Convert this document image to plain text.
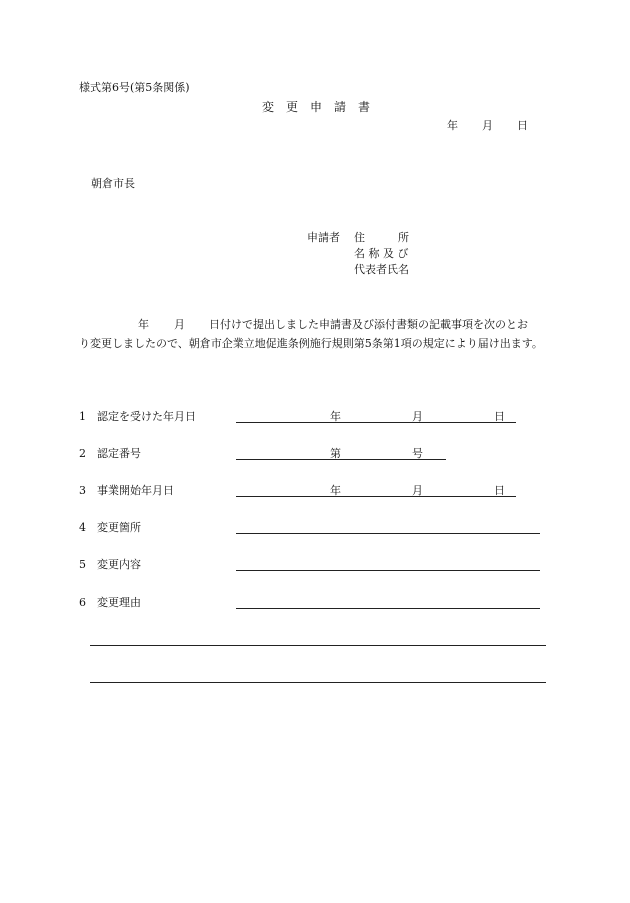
様式第6号(第5条関係)
変　更　申　請　書
年 月 日
朝倉市長
申請者 住　　　所
名 称 及 び
代表者氏名
年 月 日付けで提出しました申請書及び添付書類の記載事項を次のとお
り変更しましたので、朝倉市企業立地促進条例施行規則第5条第1項の規定により届け出ます。
1 認定を受けた年月日	年	月	日
2 認定番号	第	号
3 事業開始年月日	年	月	日
4 変更箇所
5 変更内容
6 変更理由
